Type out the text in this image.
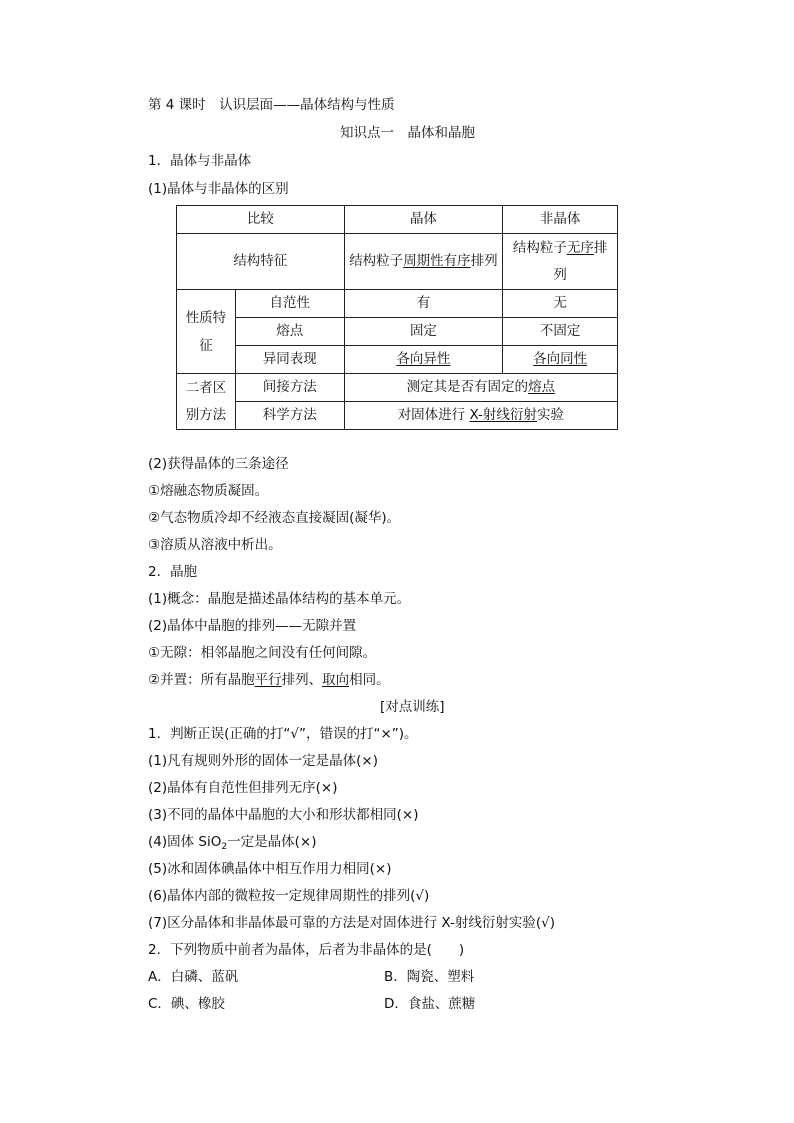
第 4 课时　认识层面——晶体结构与性质
知识点一　晶体和晶胞
1．晶体与非晶体
(1)晶体与非晶体的区别
比较		晶体	非晶体
结构特征		结构粒子周期性有序排列	结构粒子无序排列
性质特征	自范性	有	无
	熔点	固定	不固定
	异同表现	各向异性	各向同性
二者区别方法	间接方法	测定其是否有固定的熔点	
	科学方法	对固体进行 X-射线衍射实验	
(2)获得晶体的三条途径
①熔融态物质凝固。
②气态物质冷却不经液态直接凝固(凝华)。
③溶质从溶液中析出。
2．晶胞
(1)概念：晶胞是描述晶体结构的基本单元。
(2)晶体中晶胞的排列——无隙并置
①无隙：相邻晶胞之间没有任何间隙。
②并置：所有晶胞平行排列、取向相同。
[对点训练]
1．判断正误(正确的打“√”，错误的打“×”)。
(1)凡有规则外形的固体一定是晶体(×)
(2)晶体有自范性但排列无序(×)
(3)不同的晶体中晶胞的大小和形状都相同(×)
(4)固体 SiO$_2$一定是晶体(×)
(5)冰和固体碘晶体中相互作用力相同(×)
(6)晶体内部的微粒按一定规律周期性的排列(√)
(7)区分晶体和非晶体最可靠的方法是对固体进行 X-射线衍射实验(√)
2．下列物质中前者为晶体，后者为非晶体的是(　　)
A．白磷、蓝矾	B．陶瓷、塑料
C．碘、橡胶	D．食盐、蔗糖
